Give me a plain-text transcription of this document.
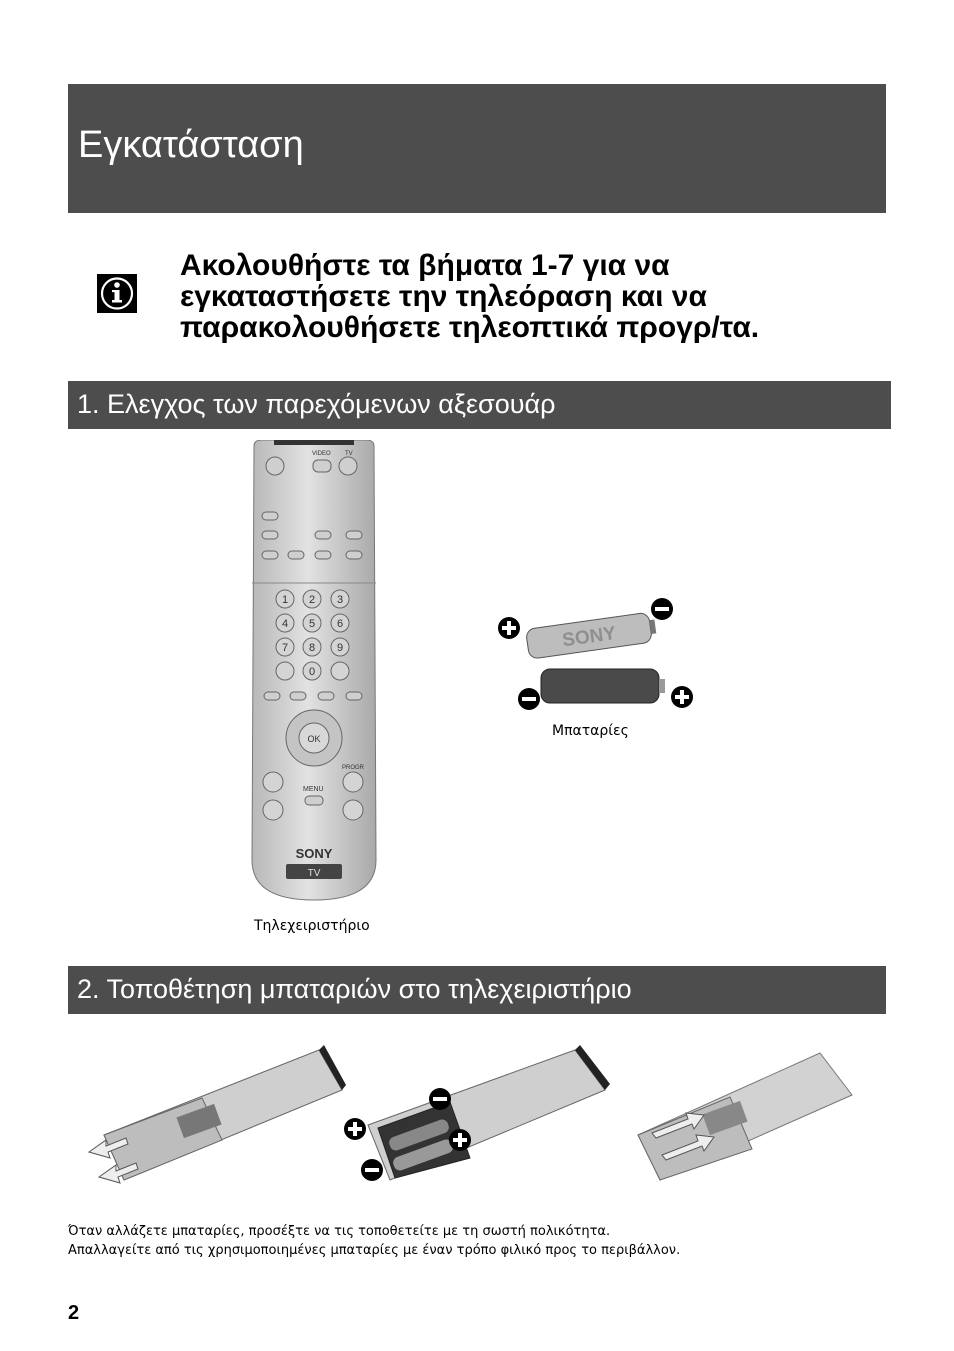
Εγκατάσταση
Ακολουθήστε τα βήματα 1-7 για να
εγκαταστήσετε την τηλεόραση και να
παρακολουθήσετε τηλεοπτικά προγρ/τα.
1. Ελεγχος των παρεχόμενων αξεσουάρ
VIDEO TV
1 2 3
4 5 6
7 8 9
0
OK
PROGR
MENU
SONY
TV
Τηλεχειριστήριο
SONY
Μπαταρίες
2. Τοποθέτηση μπαταριών στο τηλεχειριστήριο
Όταν αλλάζετε μπαταρίες, προσέξτε να τις τοποθετείτε με τη σωστή πολικότητα.
Απαλλαγείτε από τις χρησιμοποιημένες μπαταρίες με έναν τρόπο φιλικό προς το περιβάλλον.
2
